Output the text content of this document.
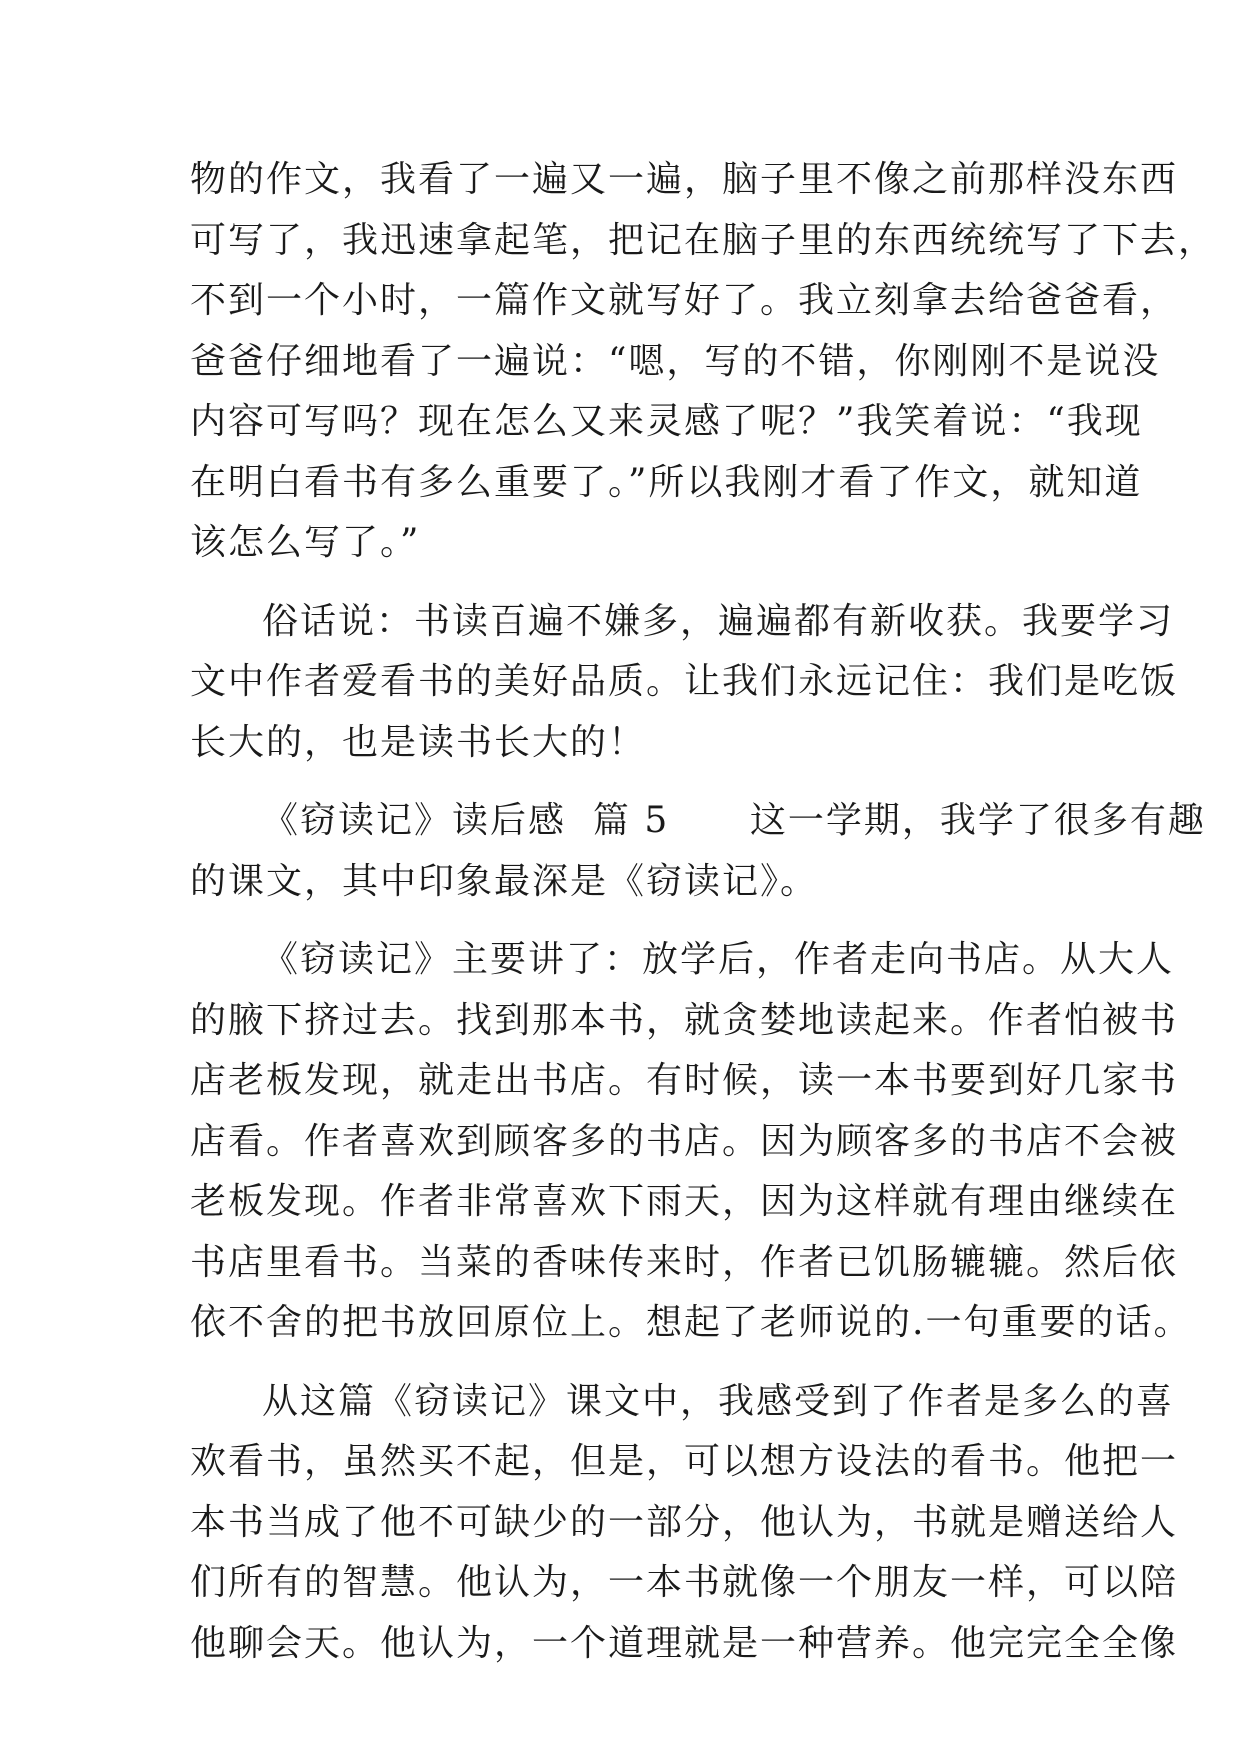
物的作文，我看了一遍又一遍，脑子里不像之前那样没东西
可写了，我迅速拿起笔，把记在脑子里的东西统统写了下去，
不到一个小时，一篇作文就写好了。我立刻拿去给爸爸看，
爸爸仔细地看了一遍说：“嗯，写的不错，你刚刚不是说没
内容可写吗？现在怎么又来灵感了呢？”我笑着说：“我现
在明白看书有多么重要了。”所以我刚才看了作文，就知道
该怎么写了。”
俗话说：书读百遍不嫌多，遍遍都有新收获。我要学习
文中作者爱看书的美好品质。让我们永远记住：我们是吃饭
长大的，也是读书长大的！
《窃读记》读后感  篇 5      这一学期，我学了很多有趣
的课文，其中印象最深是《窃读记》。
《窃读记》主要讲了：放学后，作者走向书店。从大人
的腋下挤过去。找到那本书，就贪婪地读起来。作者怕被书
店老板发现，就走出书店。有时候，读一本书要到好几家书
店看。作者喜欢到顾客多的书店。因为顾客多的书店不会被
老板发现。作者非常喜欢下雨天，因为这样就有理由继续在
书店里看书。当菜的香味传来时，作者已饥肠辘辘。然后依
依不舍的把书放回原位上。想起了老师说的.一句重要的话。
从这篇《窃读记》课文中，我感受到了作者是多么的喜
欢看书，虽然买不起，但是，可以想方设法的看书。他把一
本书当成了他不可缺少的一部分，他认为，书就是赠送给人
们所有的智慧。他认为，一本书就像一个朋友一样，可以陪
他聊会天。他认为，一个道理就是一种营养。他完完全全像
